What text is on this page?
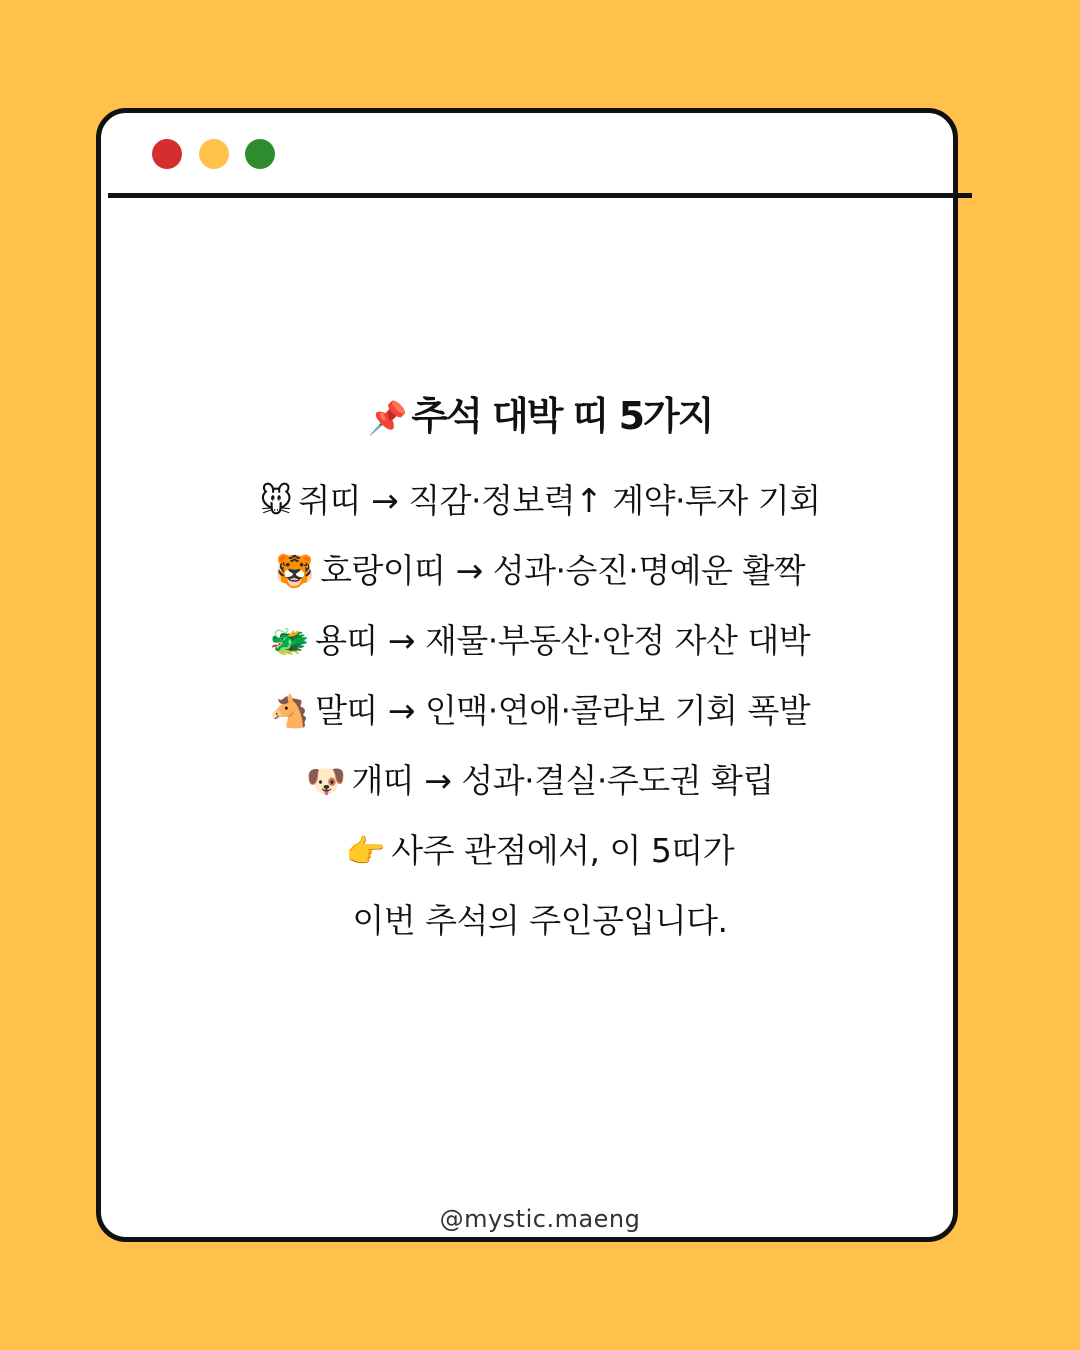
📌 추석 대박 띠 5가지
🐭 쥐띠 → 직감·정보력↑ 계약·투자 기회
🐯 호랑이띠 → 성과·승진·명예운 활짝
🐲 용띠 → 재물·부동산·안정 자산 대박
🐴 말띠 → 인맥·연애·콜라보 기회 폭발
🐶 개띠 → 성과·결실·주도권 확립
👉 사주 관점에서, 이 5띠가
이번 추석의 주인공입니다.
@mystic.maeng
